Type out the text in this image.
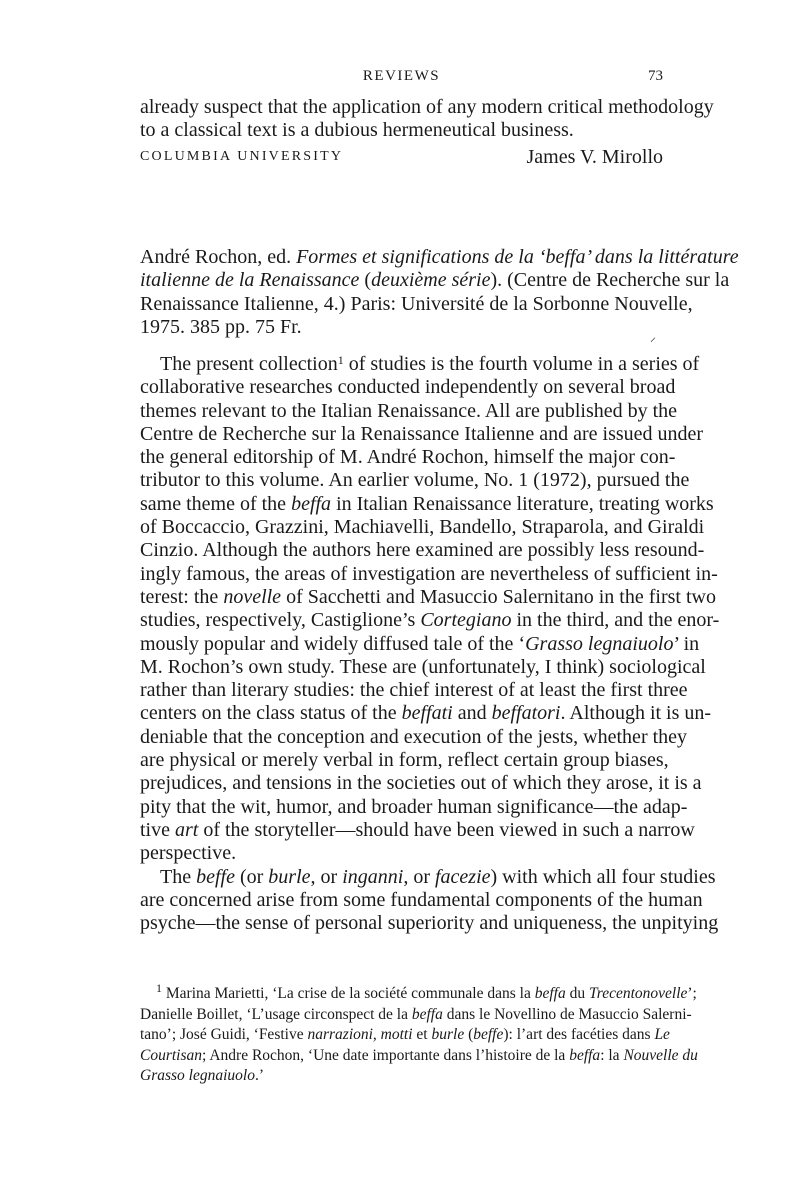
REVIEWS	73
already suspect that the application of any modern critical methodology
to a classical text is a dubious hermeneutical business.
COLUMBIA UNIVERSITY	James V. Mirollo
André Rochon, ed. Formes et significations de la ‘beffa’ dans la littérature
italienne de la Renaissance (deuxième série). (Centre de Recherche sur la
Renaissance Italienne, 4.) Paris: Université de la Sorbonne Nouvelle,
1975. 385 pp. 75 Fr.	⸝
The present collection$^1$ of studies is the fourth volume in a series of
collaborative researches conducted independently on several broad
themes relevant to the Italian Renaissance. All are published by the
Centre de Recherche sur la Renaissance Italienne and are issued under
the general editorship of M. André Rochon, himself the major con-
tributor to this volume. An earlier volume, No. 1 (1972), pursued the
same theme of the beffa in Italian Renaissance literature, treating works
of Boccaccio, Grazzini, Machiavelli, Bandello, Straparola, and Giraldi
Cinzio. Although the authors here examined are possibly less resound-
ingly famous, the areas of investigation are nevertheless of sufficient in-
terest: the novelle of Sacchetti and Masuccio Salernitano in the first two
studies, respectively, Castiglione’s Cortegiano in the third, and the enor-
mously popular and widely diffused tale of the ‘Grasso legnaiuolo’ in
M. Rochon’s own study. These are (unfortunately, I think) sociological
rather than literary studies: the chief interest of at least the first three
centers on the class status of the beffati and beffatori. Although it is un-
deniable that the conception and execution of the jests, whether they
are physical or merely verbal in form, reflect certain group biases,
prejudices, and tensions in the societies out of which they arose, it is a
pity that the wit, humor, and broader human significance—the adap-
tive art of the storyteller—should have been viewed in such a narrow
perspective.
The beffe (or burle, or inganni, or facezie) with which all four studies
are concerned arise from some fundamental components of the human
psyche—the sense of personal superiority and uniqueness, the unpitying
$^1$ Marina Marietti, ‘La crise de la société communale dans la beffa du Trecentonovelle’;
Danielle Boillet, ‘L’usage circonspect de la beffa dans le Novellino de Masuccio Salerni-
tano’; José Guidi, ‘Festive narrazioni, motti et burle (beffe): l’art des facéties dans Le
Courtisan; Andre Rochon, ‘Une date importante dans l’histoire de la beffa: la Nouvelle du
Grasso legnaiuolo.’
